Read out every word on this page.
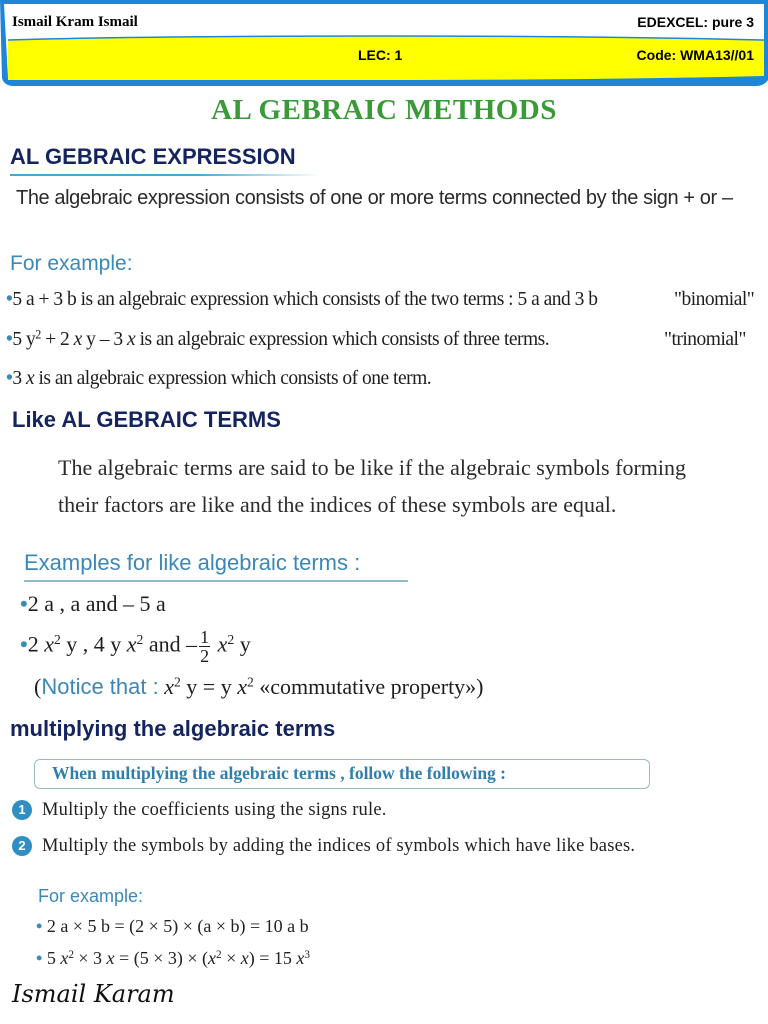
Ismail Kram Ismail	EDEXCEL: pure 3
LEC: 1	Code: WMA13//01
AL GEBRAIC METHODS
AL GEBRAIC EXPRESSION
The algebraic expression consists of one or more terms connected by the sign + or –
For example:
•5 a + 3 b is an algebraic expression which consists of the two terms : 5 a and 3 b	"binomial"
•5 $y^2 + 2$ x y – 3 x is an algebraic expression which consists of three terms.	"trinomial"
•3 x is an algebraic expression which consists of one term.
Like AL GEBRAIC TERMS
The algebraic terms are said to be like if the algebraic symbols forming
their factors are like and the indices of these symbols are equal.
Examples for like algebraic terms :
•2 a , a and – 5 a
•2 $x^2$ y , 4 y $x^2$ and – $\frac{1}{2} x^2$ y
(Notice that : $x^2$ y = y $x^2$ «commutative property»)
multiplying the algebraic terms
When multiplying the algebraic terms , follow the following :
1 Multiply the coefficients using the signs rule.
2 Multiply the symbols by adding the indices of symbols which have like bases.
For example:
• 2 a × 5 b = (2 × 5) × (a × b) = 10 a b
• 5 $x^2 \times 3$ $x = (5 \times 3) \times (x^2 \times x) = 15$ $x^3$
Ismail Karam
